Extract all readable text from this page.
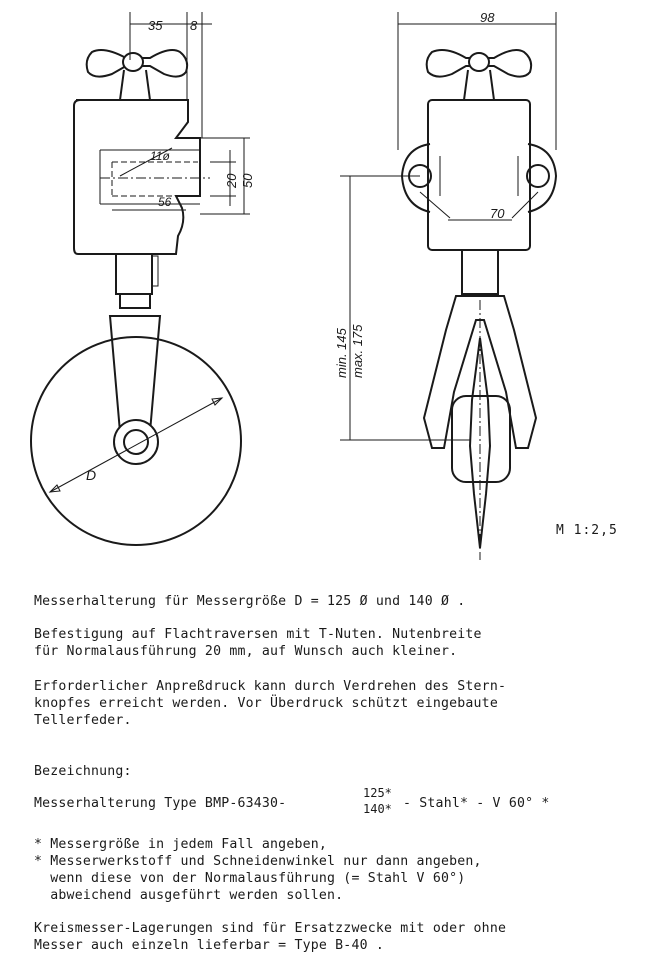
D
35 8
11ø
56
20 50
70
98
min. 145 max. 175
M 1:2,5
Messerhalterung für Messergröße D = 125 Ø und 140 Ø .
Befestigung auf Flachtraversen mit T-Nuten. Nutenbreite
für Normalausführung 20 mm, auf Wunsch auch kleiner.
Erforderlicher Anpreßdruck kann durch Verdrehen des Stern-
knopfes erreicht werden. Vor Überdruck schützt eingebaute
Tellerfeder.
Bezeichnung:
Messerhalterung Type BMP-63430-
125*
140* - Stahl* - V 60° *
* Messergröße in jedem Fall angeben,
* Messerwerkstoff und Schneidenwinkel nur dann angeben,
wenn diese von der Normalausführung (= Stahl V 60°)
abweichend ausgeführt werden sollen.
Kreismesser-Lagerungen sind für Ersatzzwecke mit oder ohne
Messer auch einzeln lieferbar = Type B-40 .
